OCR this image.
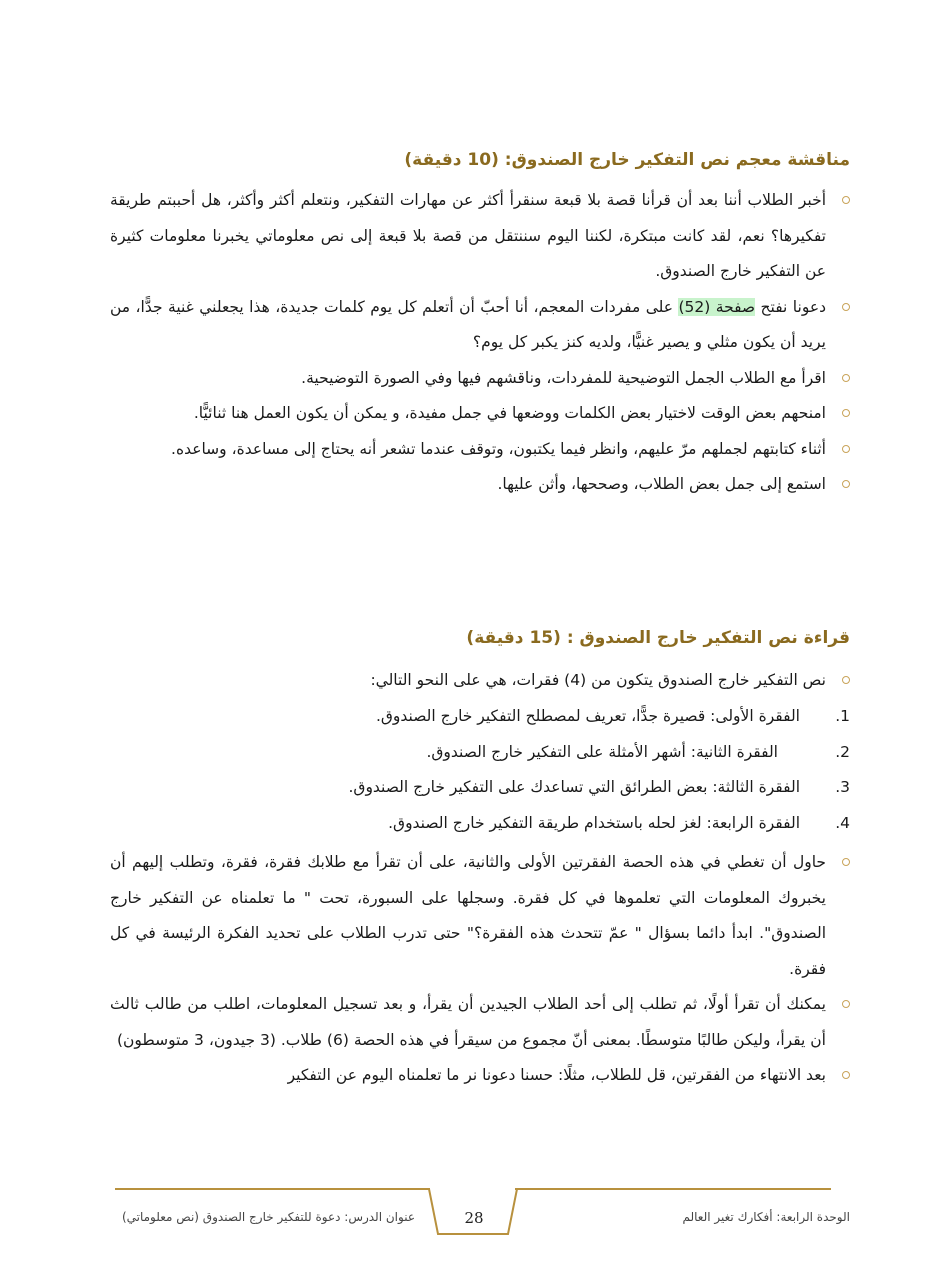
مناقشة معجم نص التفكير خارج الصندوق: (10 دقيقة)
أخبر الطلاب أننا بعد أن قرأنا قصة بلا قبعة سنقرأ أكثر عن مهارات التفكير، ونتعلم أكثر وأكثر، هل أحببتم طريقة تفكيرها؟ نعم، لقد كانت مبتكرة، لكننا اليوم سننتقل من قصة بلا قبعة إلى نص معلوماتي يخبرنا معلومات كثيرة عن التفكير خارج الصندوق.
دعونا نفتح صفحة (52) على مفردات المعجم، أنا أحبّ أن أتعلم كل يوم كلمات جديدة، هذا يجعلني غنية جدًّا، من يريد أن يكون مثلي و يصير غنيًّا، ولديه كنز يكبر كل يوم؟
اقرأ مع الطلاب الجمل التوضيحية للمفردات، وناقشهم فيها وفي الصورة التوضيحية.
امنحهم بعض الوقت لاختيار بعض الكلمات ووضعها في جمل مفيدة، و يمكن أن يكون العمل هنا ثنائيًّا.
أثناء كتابتهم لجملهم مرّ عليهم، وانظر فيما يكتبون، وتوقف عندما تشعر أنه يحتاج إلى مساعدة، وساعده.
استمع إلى جمل بعض الطلاب، وصححها، وأثن عليها.
قراءة نص التفكير خارج الصندوق : (15 دقيقة)
نص التفكير خارج الصندوق يتكون من (4) فقرات، هي على النحو التالي:
1.
الفقرة الأولى: قصيرة جدًّا، تعريف لمصطلح التفكير خارج الصندوق.
2.
الفقرة الثانية: أشهر الأمثلة على التفكير خارج الصندوق.
3.
الفقرة الثالثة: بعض الطرائق التي تساعدك على التفكير خارج الصندوق.
4.
الفقرة الرابعة: لغز لحله باستخدام طريقة التفكير خارج الصندوق.
حاول أن تغطي في هذه الحصة الفقرتين الأولى والثانية، على أن تقرأ مع طلابك فقرة، فقرة، وتطلب إليهم أن يخبروك المعلومات التي تعلموها في كل فقرة. وسجلها على السبورة، تحت " ما تعلمناه عن التفكير خارج الصندوق". ابدأ دائما بسؤال " عمّ تتحدث هذه الفقرة؟" حتى تدرب الطلاب على تحديد الفكرة الرئيسة في كل فقرة.
يمكنك أن تقرأ أولًا، ثم تطلب إلى أحد الطلاب الجيدين أن يقرأ، و بعد تسجيل المعلومات، اطلب من طالب ثالث أن يقرأ، وليكن طالبًا متوسطًا. بمعنى أنّ مجموع من سيقرأ في هذه الحصة (6) طلاب. (3 جيدون، 3 متوسطون)
بعد الانتهاء من الفقرتين، قل للطلاب، مثلًا: حسنا دعونا نر ما تعلمناه اليوم عن التفكير
الوحدة الرابعة: أفكارك تغير العالم
28
عنوان الدرس: دعوة للتفكير خارج الصندوق (نص معلوماتي)
